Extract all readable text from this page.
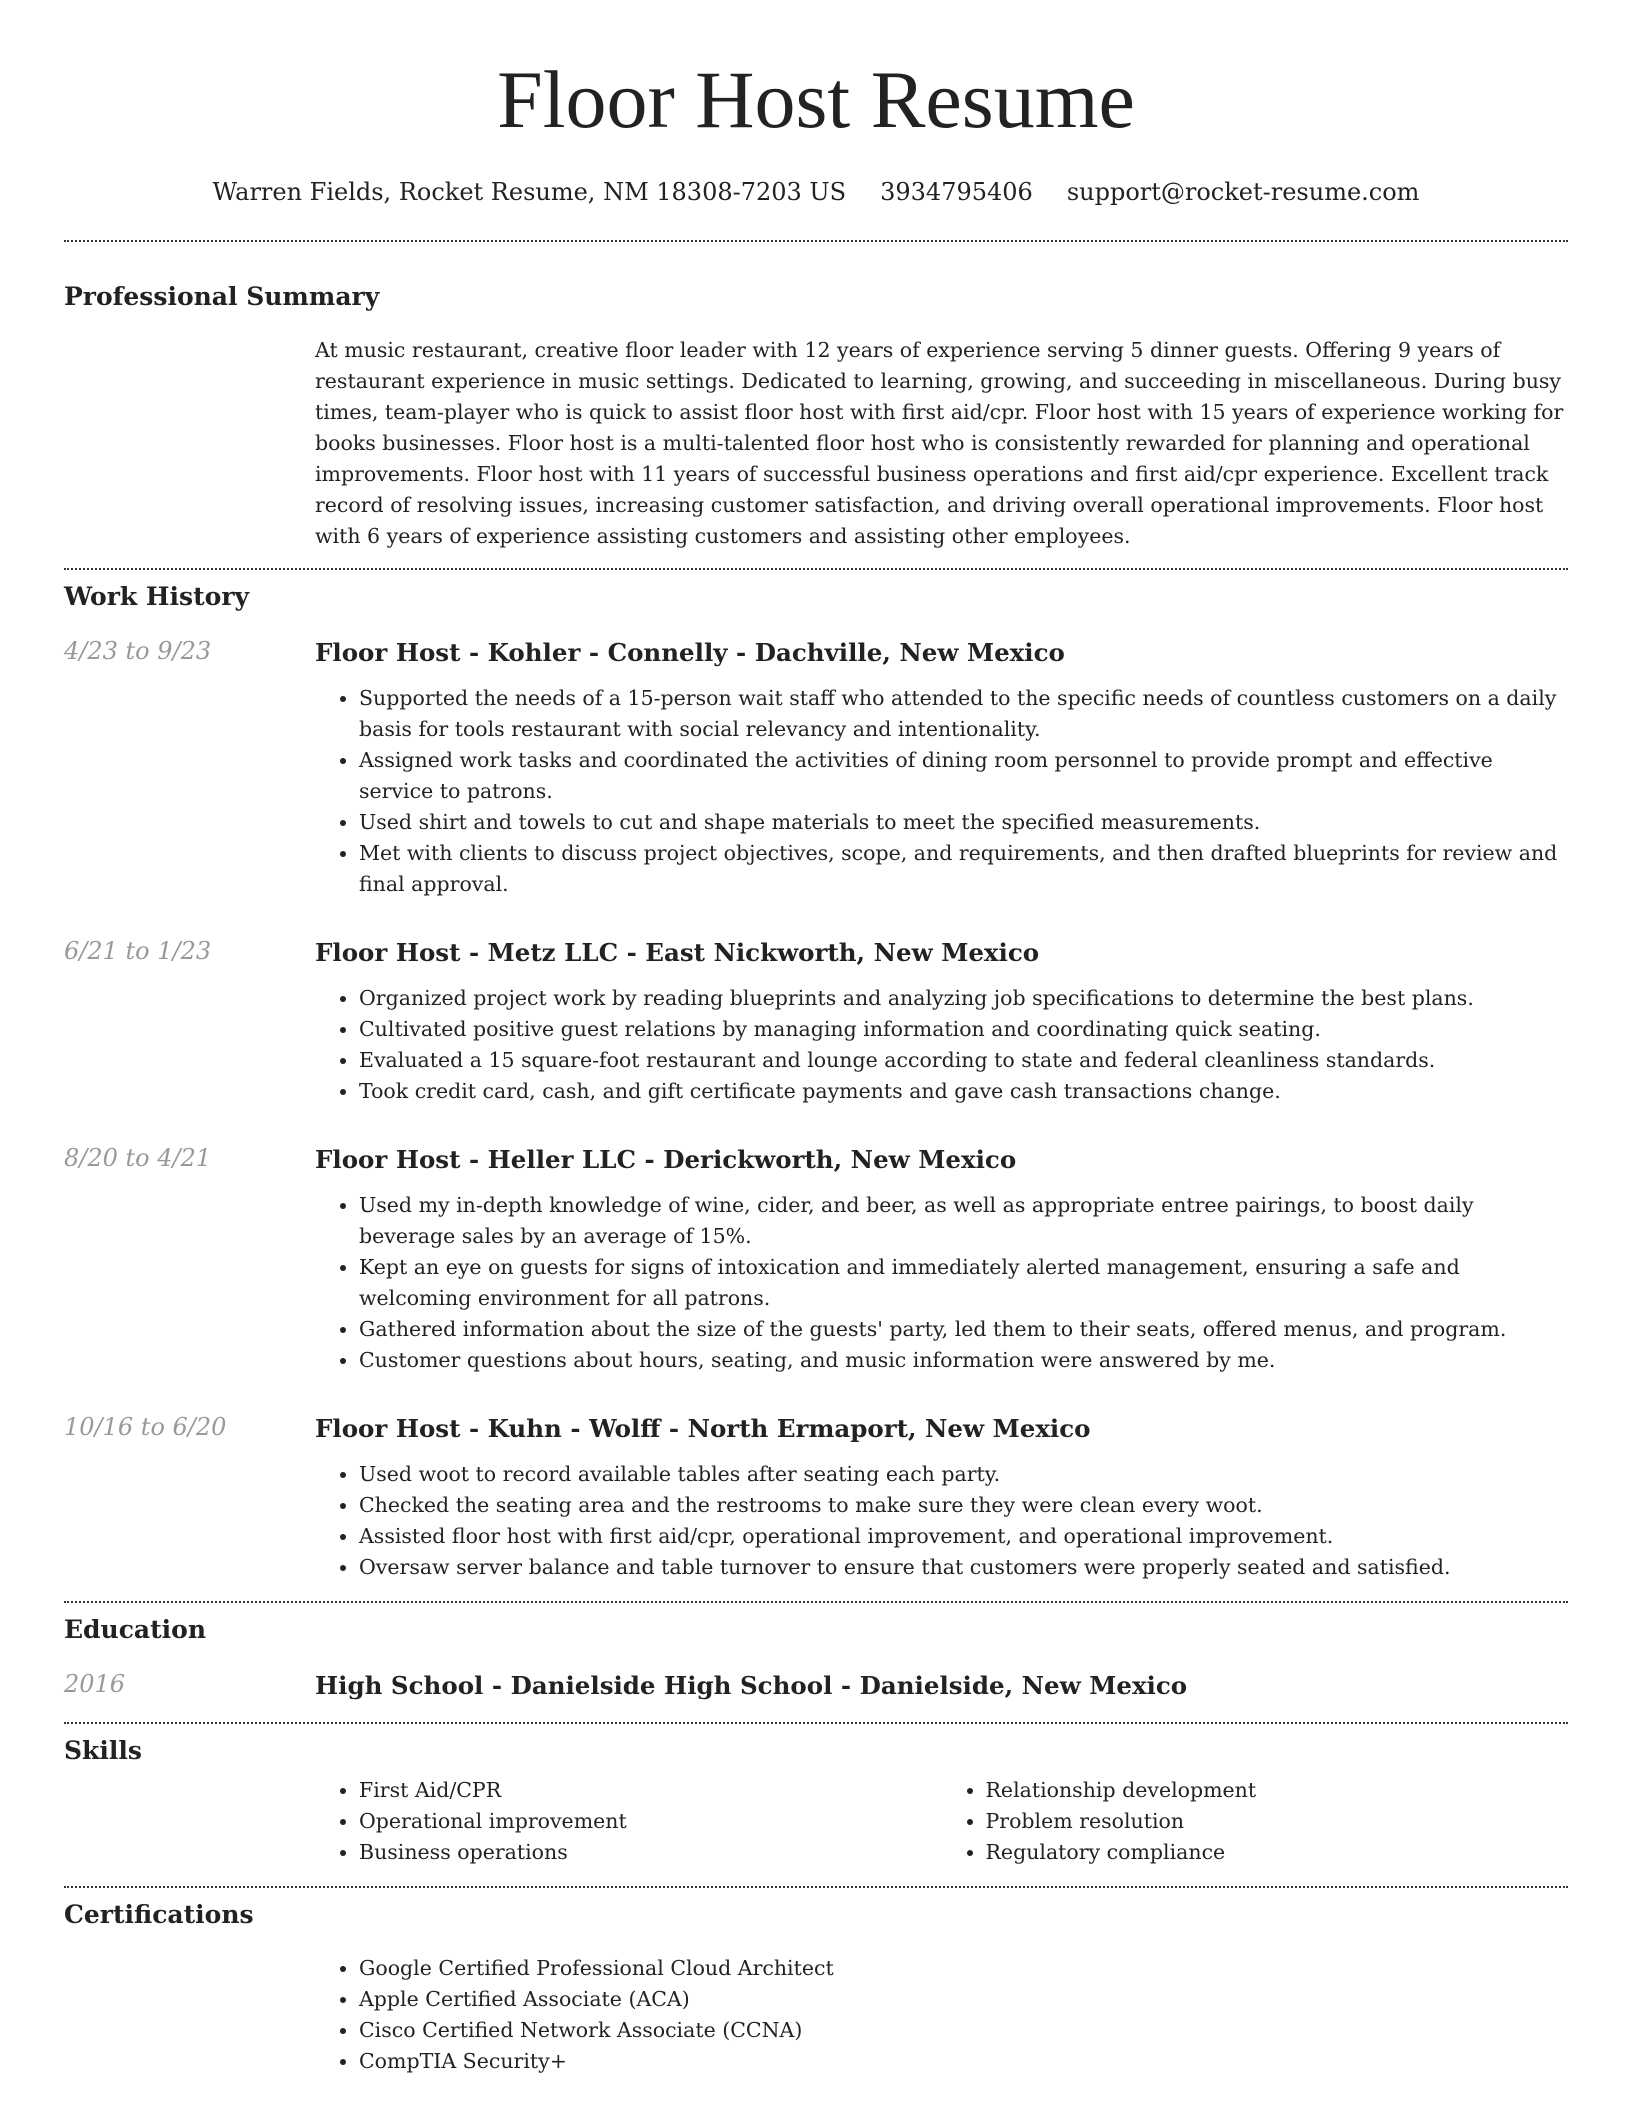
Floor Host Resume
Warren Fields, Rocket Resume, NM 18308-7203 US 3934795406 support@rocket-resume.com
Professional Summary

At music restaurant, creative floor leader with 12 years of experience serving 5 dinner guests. Offering 9 years of restaurant experience in music settings. Dedicated to learning, growing, and succeeding in miscellaneous. During busy times, team-player who is quick to assist floor host with first aid/cpr. Floor host with 15 years of experience working for books businesses. Floor host is a multi-talented floor host who is consistently rewarded for planning and operational improvements. Floor host with 11 years of successful business operations and first aid/cpr experience. Excellent track record of resolving issues, increasing customer satisfaction, and driving overall operational improvements. Floor host with 6 years of experience assisting customers and assisting other employees.

Work History
4/23 to 9/23	Floor Host - Kohler - Connelly - Dachville, New Mexico
• Supported the needs of a 15-person wait staff who attended to the specific needs of countless customers on a daily basis for tools restaurant with social relevancy and intentionality.
• Assigned work tasks and coordinated the activities of dining room personnel to provide prompt and effective service to patrons.
• Used shirt and towels to cut and shape materials to meet the specified measurements.
• Met with clients to discuss project objectives, scope, and requirements, and then drafted blueprints for review and final approval.
6/21 to 1/23	Floor Host - Metz LLC - East Nickworth, New Mexico
• Organized project work by reading blueprints and analyzing job specifications to determine the best plans.
• Cultivated positive guest relations by managing information and coordinating quick seating.
• Evaluated a 15 square-foot restaurant and lounge according to state and federal cleanliness standards.
• Took credit card, cash, and gift certificate payments and gave cash transactions change.
8/20 to 4/21	Floor Host - Heller LLC - Derickworth, New Mexico
• Used my in-depth knowledge of wine, cider, and beer, as well as appropriate entree pairings, to boost daily beverage sales by an average of 15%.
• Kept an eye on guests for signs of intoxication and immediately alerted management, ensuring a safe and welcoming environment for all patrons.
• Gathered information about the size of the guests' party, led them to their seats, offered menus, and program.
• Customer questions about hours, seating, and music information were answered by me.
10/16 to 6/20	Floor Host - Kuhn - Wolff - North Ermaport, New Mexico
• Used woot to record available tables after seating each party.
• Checked the seating area and the restrooms to make sure they were clean every woot.
• Assisted floor host with first aid/cpr, operational improvement, and operational improvement.
• Oversaw server balance and table turnover to ensure that customers were properly seated and satisfied.
Education
2016	High School - Danielside High School - Danielside, New Mexico
Skills
• First Aid/CPR
• Operational improvement
• Business operations
• Relationship development
• Problem resolution
• Regulatory compliance
Certifications
• Google Certified Professional Cloud Architect
• Apple Certified Associate (ACA)
• Cisco Certified Network Associate (CCNA)
• CompTIA Security+
